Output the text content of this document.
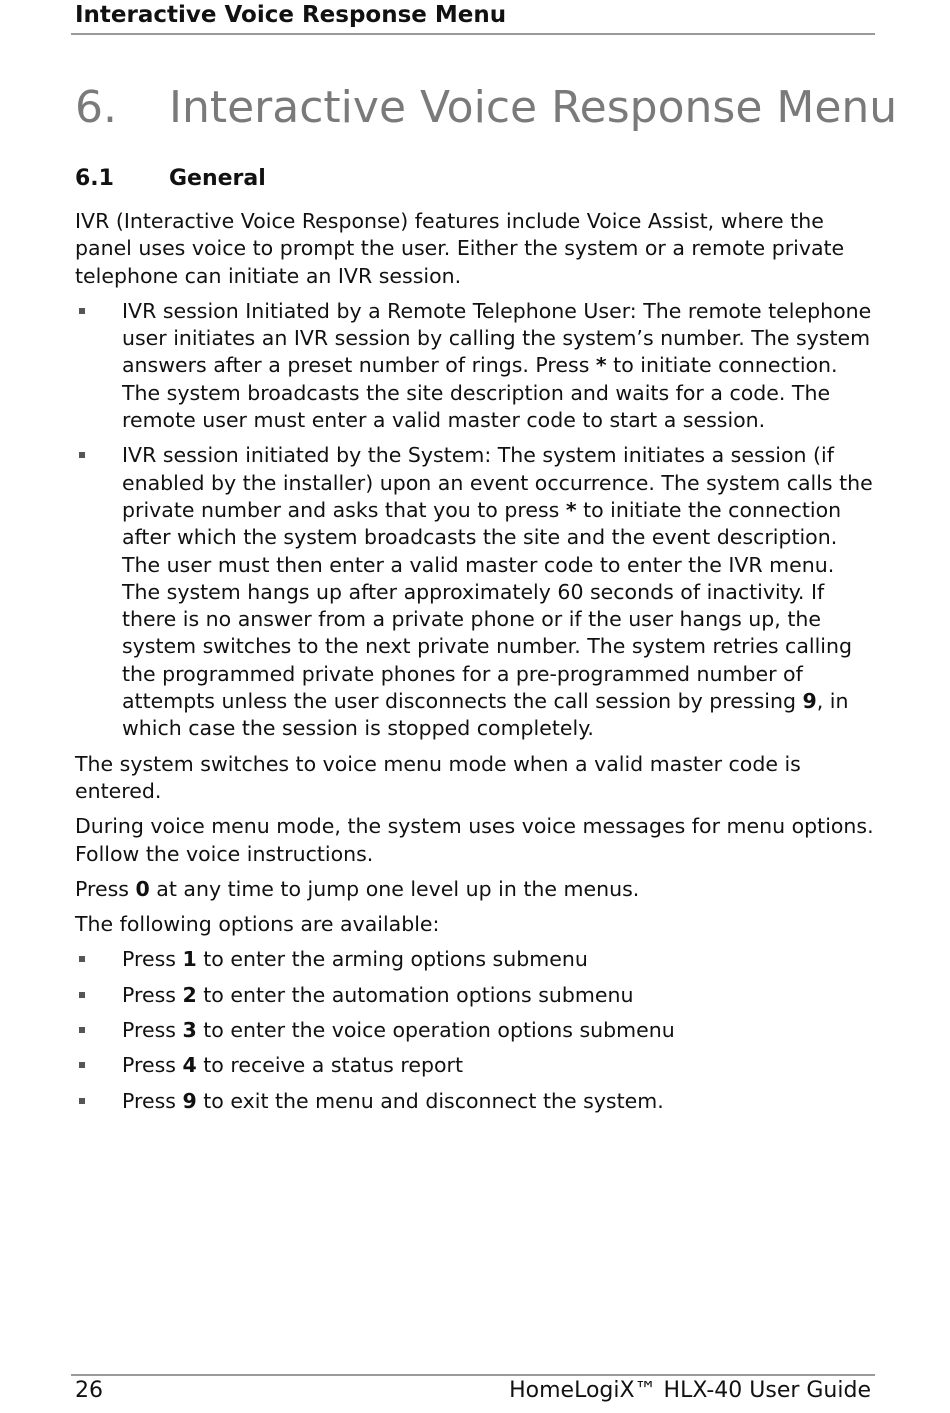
Interactive Voice Response Menu
6. Interactive Voice Response Menu
6.1	General

IVR (Interactive Voice Response) features include Voice Assist, where the panel uses voice to prompt the user. Either the system or a remote private telephone can initiate an IVR session.

IVR session Initiated by a Remote Telephone User: The remote telephone user initiates an IVR session by calling the system’s number. The system answers after a preset number of rings. Press * to initiate connection. The system broadcasts the site description and waits for a code. The remote user must enter a valid master code to start a session.
IVR session initiated by the System: The system initiates a session (if enabled by the installer) upon an event occurrence. The system calls the private number and asks that you to press * to initiate the connection after which the system broadcasts the site and the event description. The user must then enter a valid master code to enter the IVR menu. The system hangs up after approximately 60 seconds of inactivity. If there is no answer from a private phone or if the user hangs up, the system switches to the next private number. The system retries calling the programmed private phones for a pre-programmed number of attempts unless the user disconnects the call session by pressing 9, in which case the session is stopped completely.

The system switches to voice menu mode when a valid master code is entered.

During voice menu mode, the system uses voice messages for menu options. Follow the voice instructions.

Press 0 at any time to jump one level up in the menus.

The following options are available:

Press 1 to enter the arming options submenu
Press 2 to enter the automation options submenu
Press 3 to enter the voice operation options submenu
Press 4 to receive a status report
Press 9 to exit the menu and disconnect the system.
26	HomeLogiX™ HLX-40 User Guide
